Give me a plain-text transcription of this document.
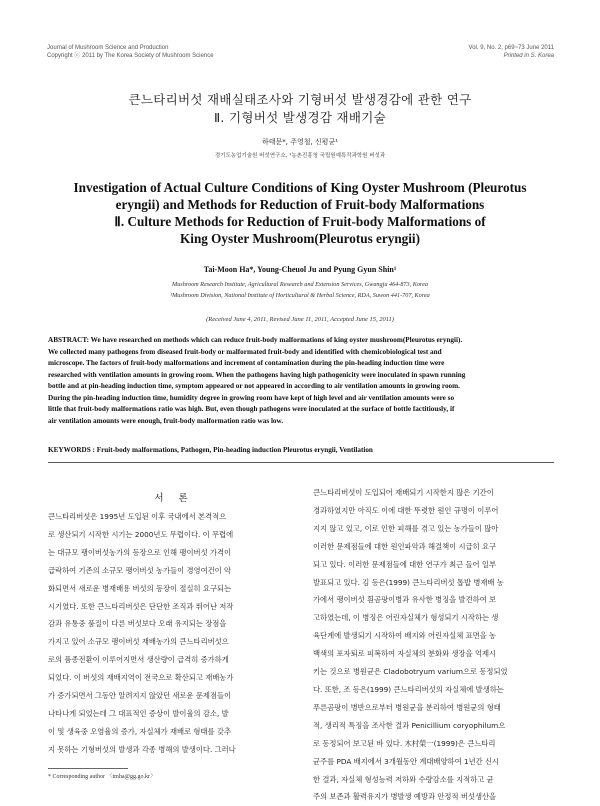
Journal of Mushroom Science and Production
Copyright ⓒ 2011 by The Korea Society of Mushroom Science
Vol. 9, No. 2, p69~73 June 2011
Printed in S. Korea
큰느타리버섯 재배실태조사와 기형버섯 발생경감에 관한 연구
Ⅱ. 기형버섯 발생경감 재배기술
하태문*, 주영철, 신평균¹
경기도농업기술원 버섯연구소, ¹농촌진흥청 국립원예특작과학원 버섯과

Investigation of Actual Culture Conditions of King Oyster Mushroom (Pleurotus

eryngii) and Methods for Reduction of Fruit-body Malformations

Ⅱ. Culture Methods for Reduction of Fruit-body Malformations of

King Oyster Mushroom(Pleurotus eryngii)

Tai-Moon Ha*, Young-Cheuol Ju and Pyung Gyun Shin¹
Mushroom Research Institute, Agricultural Research and Extension Services, Gwangju 464-873, Korea
¹Mushroom Division, National Institute of Horticultural & Herbal Science, RDA, Suwon 441-707, Korea
(Received June 4, 2011, Revised June 11, 2011, Accepted June 15, 2011)

ABSTRACT: We have researched on methods which can reduce fruit-body malformations of king oyster mushroom(Pleurotus eryngii).

We collected many pathogens from diseased fruit-body or malformated fruit-body and identified with chemicobiological test and

microscope. The factors of fruit-body malformations and increment of contamination during the pin-heading induction time were

researched with ventilation amounts in growing room. When the pathogens having high pathogenicity were inoculated in spawn running

bottle and at pin-heading induction time, symptom appeared or not appeared in according to air ventilation amounts in growing room.

During the pin-heading induction time, humidity degree in growing room have kept of high level and air ventilation amounts were so

little that fruit-body malformations ratio was high. But, even though pathogens were inoculated at the surface of bottle factitiously, if

air ventilation amounts were enough, fruit-body malformation ratio was low.

KEYWORDS : Fruit-body malformations, Pathogen, Pin-heading induction Pleurotus eryngii, Ventilation
서 론

큰느타리버섯은 1995년 도입된 이후 국내에서 본격적으

로 생산되기 시작한 시기는 2000년도 무렵이다. 이 무렵에

는 대규모 팽이버섯농가의 등장으로 인해 팽이버섯 가격이

급락하여 기존의 소규모 팽이버섯 농가들이 경영여건이 악

화되면서 새로운 병재배용 버섯의 등장이 절실히 요구되는

시기였다. 또한 큰느타리버섯은 단단한 조직과 뛰어난 저작

감과 유통중 품질이 다른 버섯보다 오래 유지되는 장점을

가지고 있어 소규모 팽이버섯 재배농가의 큰느타리버섯으

로의 품종전환이 이루어지면서 생산량이 급격히 증가하게

되었다. 이 버섯의 재배지역이 전국으로 확산되고 재배농가

가 증가되면서 그동안 알려지지 않았던 새로운 문제점들이

나타나게 되었는데 그 대표적인 증상이 발이율의 감소, 발

이 및 생육중 오염율의 증가, 자실체가 재배로 형태를 갖추

지 못하는 기형버섯의 발생과 각종 병해의 발생이다. 그러나

큰느타리버섯이 도입되어 재배되기 시작한지 많은 기간이

경과하였지만 아직도 이에 대한 뚜렷한 원인 규명이 이루어

지지 않고 있고, 이로 인한 피해를 겪고 있는 농가들이 많아

이러한 문제점들에 대한 원인파악과 해결책이 시급히 요구

되고 있다. 이러한 문제점들에 대한 연구가 최근 들어 일부

발표되고 있다. 김 등은(1999) 큰느타리버섯 톱밥 병재배 농

가에서 팽이버섯 흰곰팡이병과 유사한 병징을 발견하여 보

고하였는데, 이 병징은 어린자실체가 형성되기 시작하는 생

육단계에 발생되기 시작하여 배지와 어린자실체 표면을 농

백색의 포자퇴로 피복하여 자실체의 분화와 생장을 억제시

키는 것으로 병원균은 Cladobotryum varium으로 동정되었

다. 또한, 조 등은(1999) 큰느타리버섯의 자실체에 발생하는

푸른곰팡이 병반으로부터 병원균을 분리하여 병원균의 형태

적, 생리적 특징을 조사한 결과 Penicillium coryophilum으

로 동정되어 보고된 바 있다. 木村榮一(1999)은 큰느타리

균주를 PDA 배지에서 3개월동안 계대배양하여 1년간 신시

한 결과, 자실체 형성능력 저하와 수량감소를 지적하고 균

주의 보존과 활력유지가 병발생 예방과 안정적 버섯생산을

* Corresponding author 〈tmha@gg.go.kr〉
